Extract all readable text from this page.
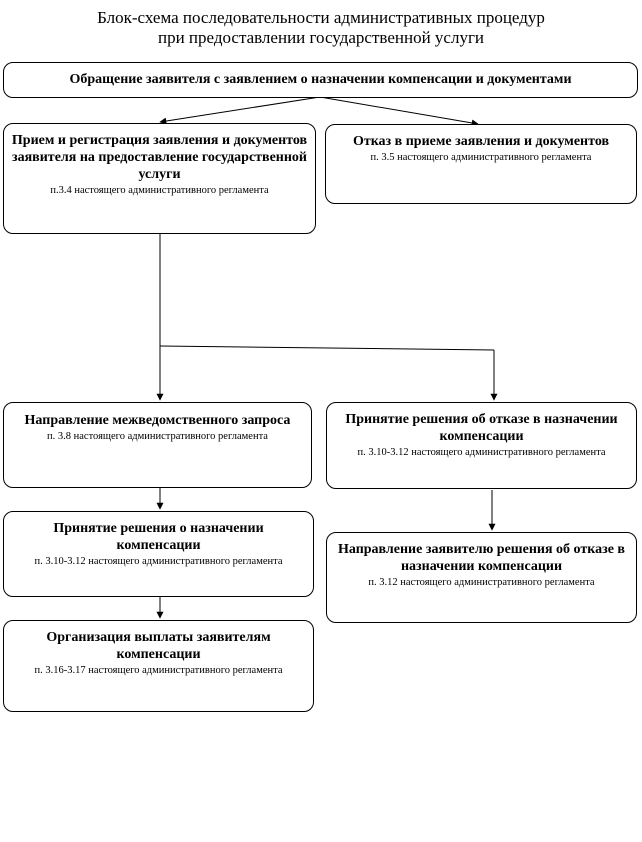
Блок-схема последовательности административных процедур
при предоставлении государственной услуги
Обращение заявителя с заявлением о назначении компенсации и документами
Прием и регистрация заявления и документов заявителя на предоставление государственной услуги
п.3.4 настоящего административного регламента
Отказ в приеме заявления и документов
п. 3.5 настоящего административного регламента
Направление межведомственного запроса
п. 3.8 настоящего административного регламента
Принятие решения об отказе в назначении компенсации
п. 3.10-3.12 настоящего административного регламента
Принятие решения о назначении компенсации
п. 3.10-3.12 настоящего административного регламента
Направление заявителю решения об отказе в назначении компенсации
п. 3.12 настоящего административного регламента
Организация выплаты заявителям компенсации
п. 3.16-3.17 настоящего административного регламента
